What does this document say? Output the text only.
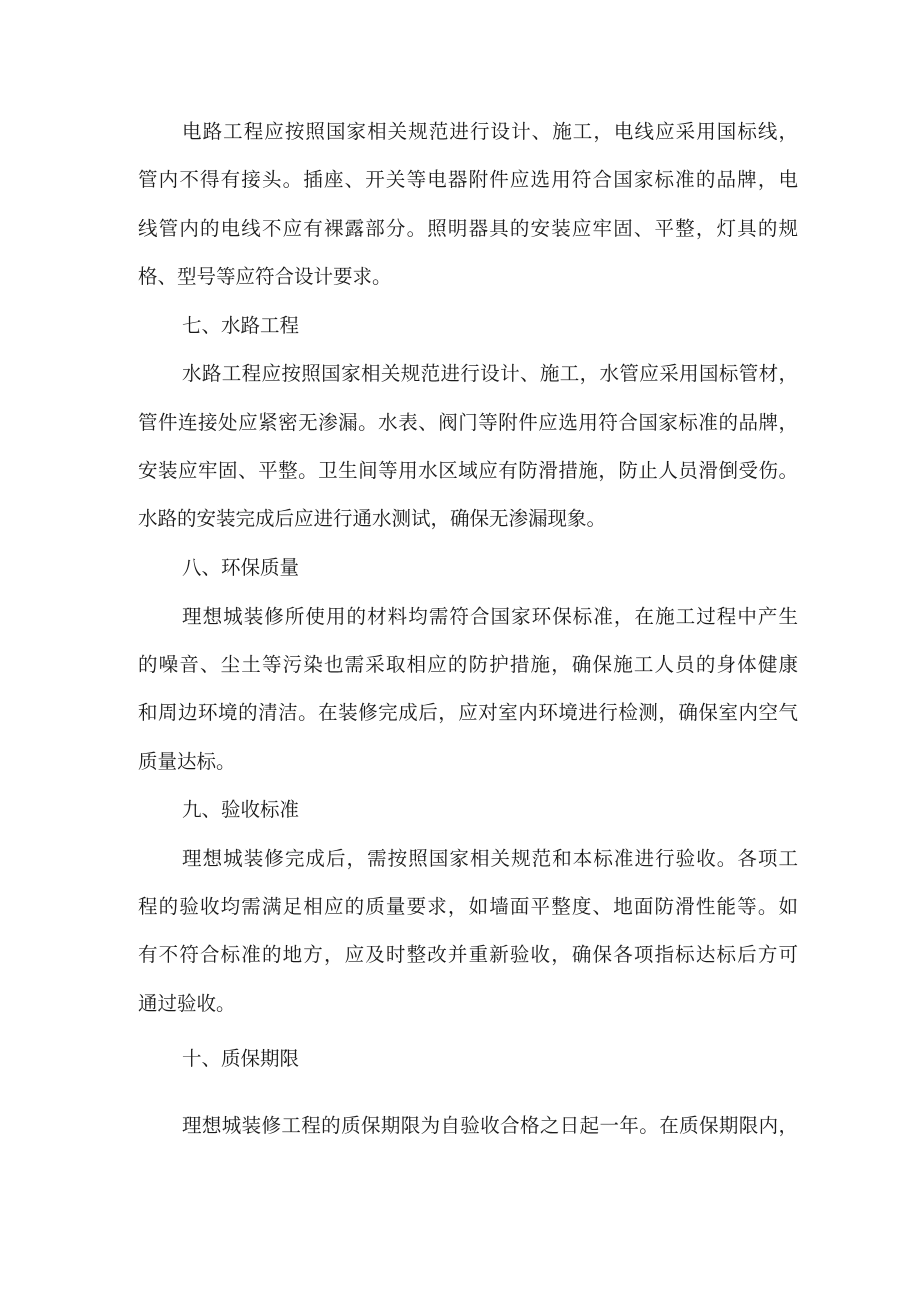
电路工程应按照国家相关规范进行设计、施工，电线应采用国标线，
管内不得有接头。插座、开关等电器附件应选用符合国家标准的品牌，电
线管内的电线不应有裸露部分。照明器具的安装应牢固、平整，灯具的规
格、型号等应符合设计要求。
七、水路工程
水路工程应按照国家相关规范进行设计、施工，水管应采用国标管材，
管件连接处应紧密无渗漏。水表、阀门等附件应选用符合国家标准的品牌，
安装应牢固、平整。卫生间等用水区域应有防滑措施，防止人员滑倒受伤。
水路的安装完成后应进行通水测试，确保无渗漏现象。
八、环保质量
理想城装修所使用的材料均需符合国家环保标准，在施工过程中产生
的噪音、尘土等污染也需采取相应的防护措施，确保施工人员的身体健康
和周边环境的清洁。在装修完成后，应对室内环境进行检测，确保室内空气
质量达标。
九、验收标准
理想城装修完成后，需按照国家相关规范和本标准进行验收。各项工
程的验收均需满足相应的质量要求，如墙面平整度、地面防滑性能等。如
有不符合标准的地方，应及时整改并重新验收，确保各项指标达标后方可
通过验收。
十、质保期限
理想城装修工程的质保期限为自验收合格之日起一年。在质保期限内，
